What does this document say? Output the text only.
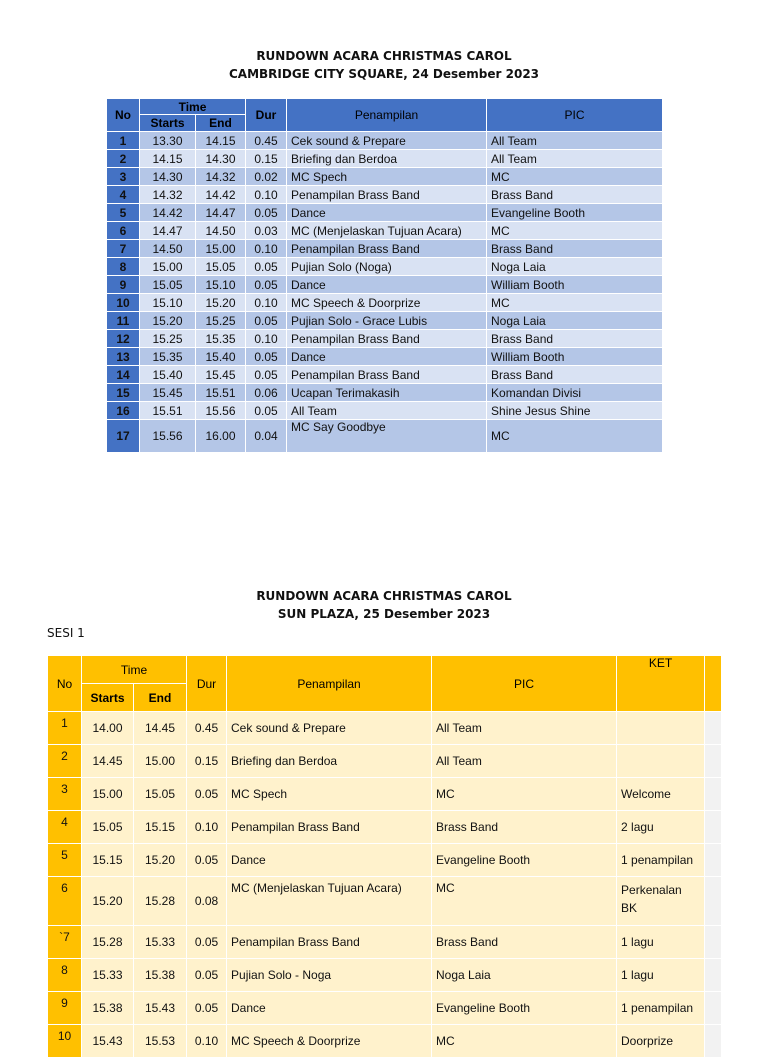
RUNDOWN ACARA CHRISTMAS CAROL
CAMBRIDGE CITY SQUARE, 24 Desember 2023
No	Time		Dur	Penampilan	PIC
	Starts	End			
1	13.30	14.15	0.45	Cek sound & Prepare	All Team
2	14.15	14.30	0.15	Briefing dan Berdoa	All Team
3	14.30	14.32	0.02	MC Spech	MC
4	14.32	14.42	0.10	Penampilan Brass Band	Brass Band
5	14.42	14.47	0.05	Dance	Evangeline Booth
6	14.47	14.50	0.03	MC (Menjelaskan Tujuan Acara)	MC
7	14.50	15.00	0.10	Penampilan Brass Band	Brass Band
8	15.00	15.05	0.05	Pujian Solo (Noga)	Noga Laia
9	15.05	15.10	0.05	Dance	William Booth
10	15.10	15.20	0.10	MC Speech & Doorprize	MC
11	15.20	15.25	0.05	Pujian Solo - Grace Lubis	Noga Laia
12	15.25	15.35	0.10	Penampilan Brass Band	Brass Band
13	15.35	15.40	0.05	Dance	William Booth
14	15.40	15.45	0.05	Penampilan Brass Band	Brass Band
15	15.45	15.51	0.06	Ucapan Terimakasih	Komandan Divisi
16	15.51	15.56	0.05	All Team	Shine Jesus Shine
17	15.56	16.00	0.04	MC Say Goodbye	MC
RUNDOWN ACARA CHRISTMAS CAROL
SUN PLAZA, 25 Desember 2023
SESI 1
No	Time		Dur	Penampilan	PIC	KET	
	Starts	End					
1	14.00	14.45	0.45	Cek sound & Prepare	All Team		
2	14.45	15.00	0.15	Briefing dan Berdoa	All Team		
3	15.00	15.05	0.05	MC Spech	MC	Welcome	
4	15.05	15.15	0.10	Penampilan Brass Band	Brass Band	2 lagu	
5	15.15	15.20	0.05	Dance	Evangeline Booth	1 penampilan	
6	15.20	15.28	0.08	MC (Menjelaskan Tujuan Acara)	MC	Perkenalan BK	
`7	15.28	15.33	0.05	Penampilan Brass Band	Brass Band	1 lagu	
8	15.33	15.38	0.05	Pujian Solo - Noga	Noga Laia	1 lagu	
9	15.38	15.43	0.05	Dance	Evangeline Booth	1 penampilan	
10	15.43	15.53	0.10	MC Speech & Doorprize	MC	Doorprize	
